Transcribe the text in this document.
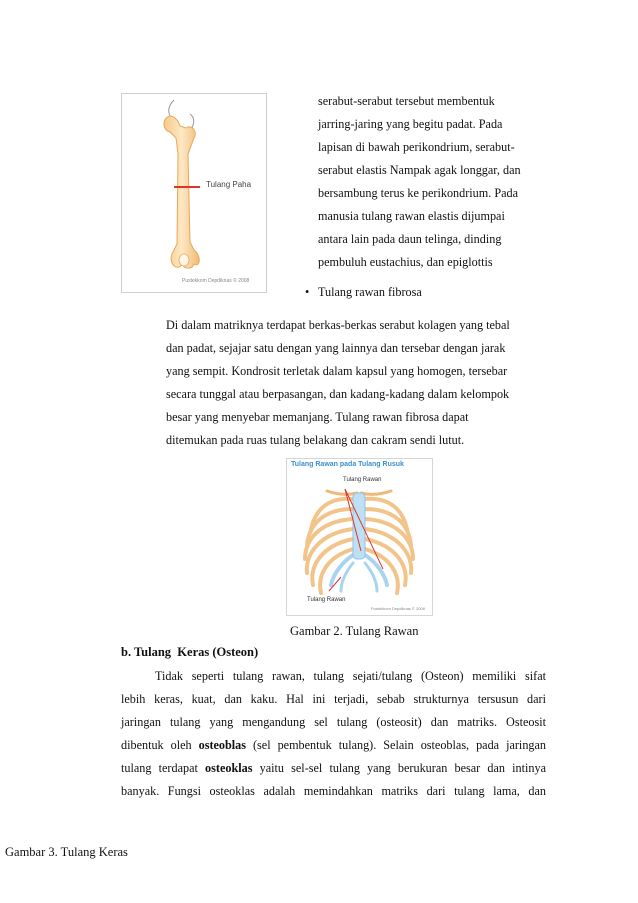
Tulang Paha
Pustekkom Depdiknas © 2008
serabut-serabut tersebut membentuk
jarring-jaring yang begitu padat. Pada
lapisan di bawah perikondrium, serabut-
serabut elastis Nampak agak longgar, dan
bersambung terus ke perikondrium. Pada
manusia tulang rawan elastis dijumpai
antara lain pada daun telinga, dinding
pembuluh eustachius, dan epiglottis
• Tulang rawan fibrosa
Di dalam matriknya terdapat berkas-berkas serabut kolagen yang tebal
dan padat, sejajar satu dengan yang lainnya dan tersebar dengan jarak
yang sempit. Kondrosit terletak dalam kapsul yang homogen, tersebar
secara tunggal atau berpasangan, dan kadang-kadang dalam kelompok
besar yang menyebar memanjang. Tulang rawan fibrosa dapat
ditemukan pada ruas tulang belakang dan cakram sendi lutut.
Tulang Rawan pada Tulang Rusuk
Tulang Rawan
Tulang Rawan
Pustekkom Depdiknas © 2008
Gambar 2. Tulang Rawan
b. Tulang  Keras (Osteon)
Tidak  seperti  tulang  rawan,  tulang  sejati/tulang  (Osteon)  memiliki  sifat
lebih  keras,  kuat,  dan  kaku.  Hal  ini  terjadi,  sebab  strukturnya  tersusun  dari
jaringan  tulang  yang  mengandung  sel  tulang  (osteosit)  dan  matriks.  Osteosit
dibentuk  oleh  osteoblas  (sel  pembentuk  tulang).  Selain  osteoblas,  pada  jaringan
tulang  terdapat  osteoklas  yaitu  sel-sel  tulang  yang  berukuran  besar  dan  intinya
banyak.  Fungsi  osteoklas  adalah  memindahkan  matriks  dari  tulang  lama,  dan
Gambar 3. Tulang Keras
